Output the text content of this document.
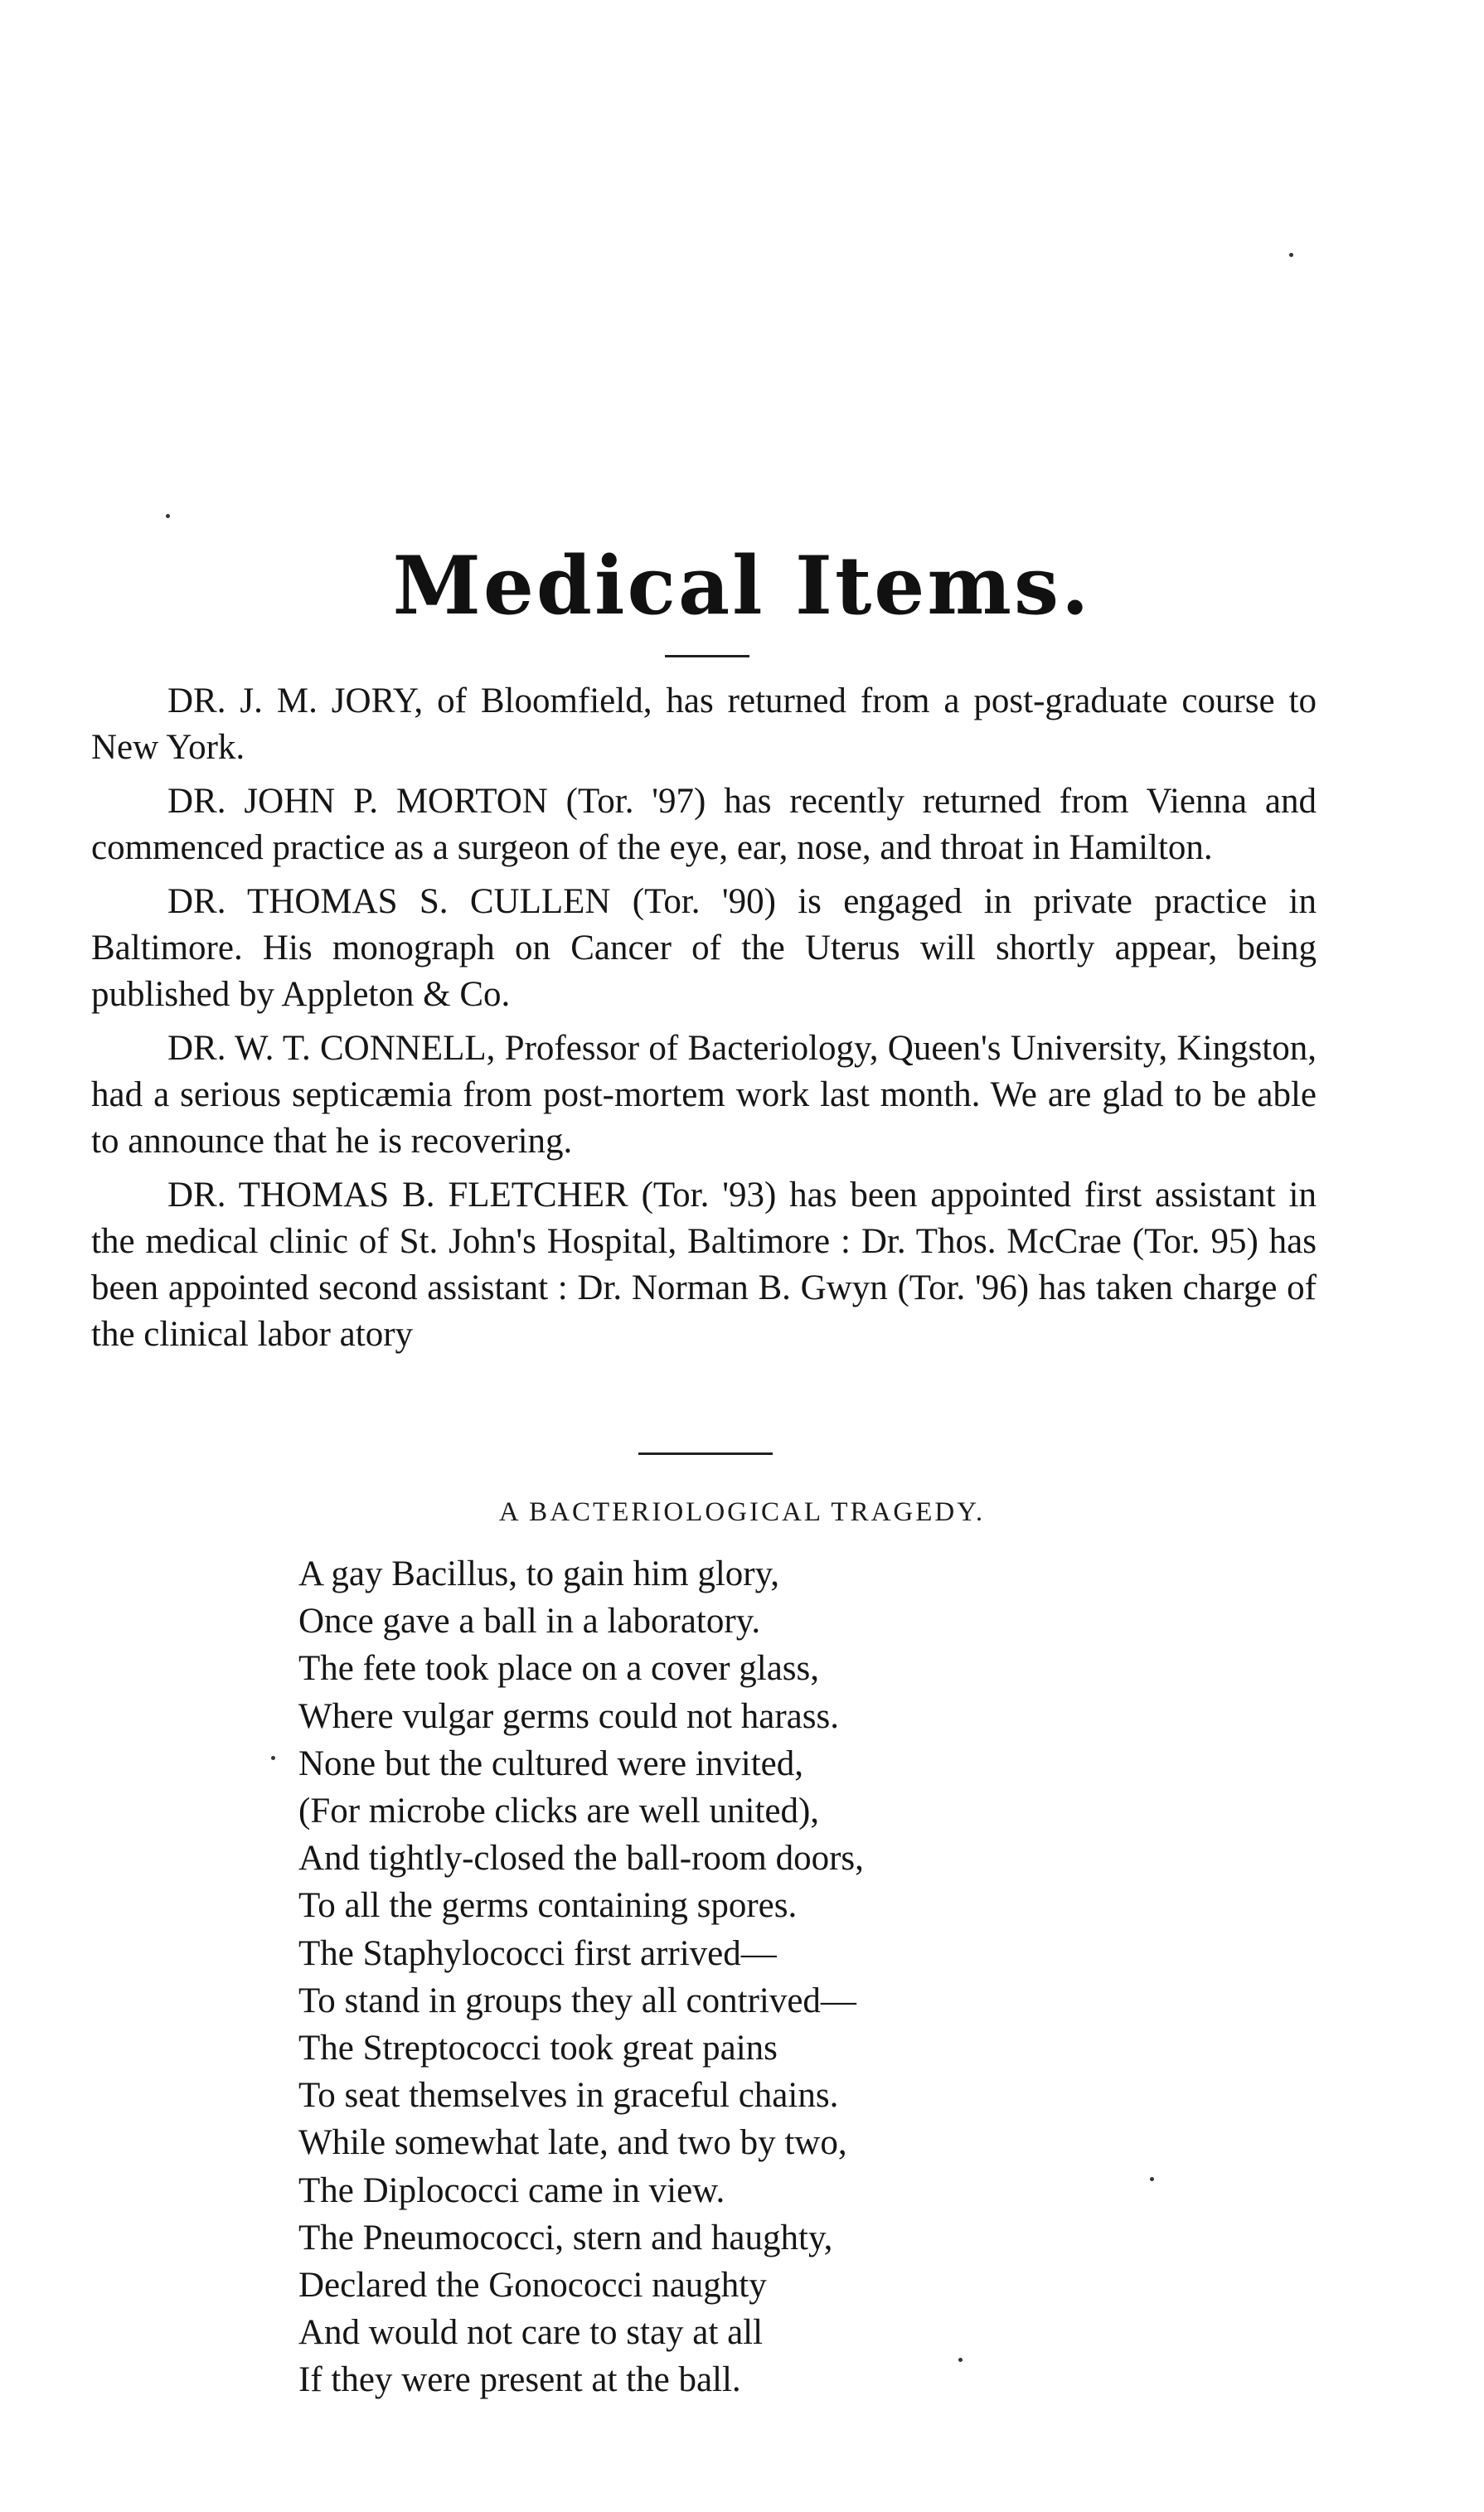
Medical Items.

DR. J. M. JORY, of Bloomfield, has returned from a post-graduate course to New York.

DR. JOHN P. MORTON (Tor. '97) has recently returned from Vienna and commenced practice as a surgeon of the eye, ear, nose, and throat in Hamilton.

DR. THOMAS S. CULLEN (Tor. '90) is engaged in private practice in Baltimore. His monograph on Cancer of the Uterus will shortly appear, being published by Appleton & Co.

DR. W. T. CONNELL, Professor of Bacteriology, Queen's University, Kingston, had a serious septicæmia from post-mortem work last month. We are glad to be able to announce that he is recovering.

DR. THOMAS B. FLETCHER (Tor. '93) has been appointed first assistant in the medical clinic of St. John's Hospital, Baltimore : Dr. Thos. McCrae (Tor. 95) has been appointed second assistant : Dr. Norman B. Gwyn (Tor. '96) has taken charge of the clinical labor atory

A BACTERIOLOGICAL TRAGEDY.
A gay Bacillus, to gain him glory,
Once gave a ball in a laboratory.
The fete took place on a cover glass,
Where vulgar germs could not harass.
None but the cultured were invited,
(For microbe clicks are well united),
And tightly-closed the ball-room doors,
To all the germs containing spores.
The Staphylococci first arrived—
To stand in groups they all contrived—
The Streptococci took great pains
To seat themselves in graceful chains.
While somewhat late, and two by two,
The Diplococci came in view.
The Pneumococci, stern and haughty,
Declared the Gonococci naughty
And would not care to stay at all
If they were present at the ball.
